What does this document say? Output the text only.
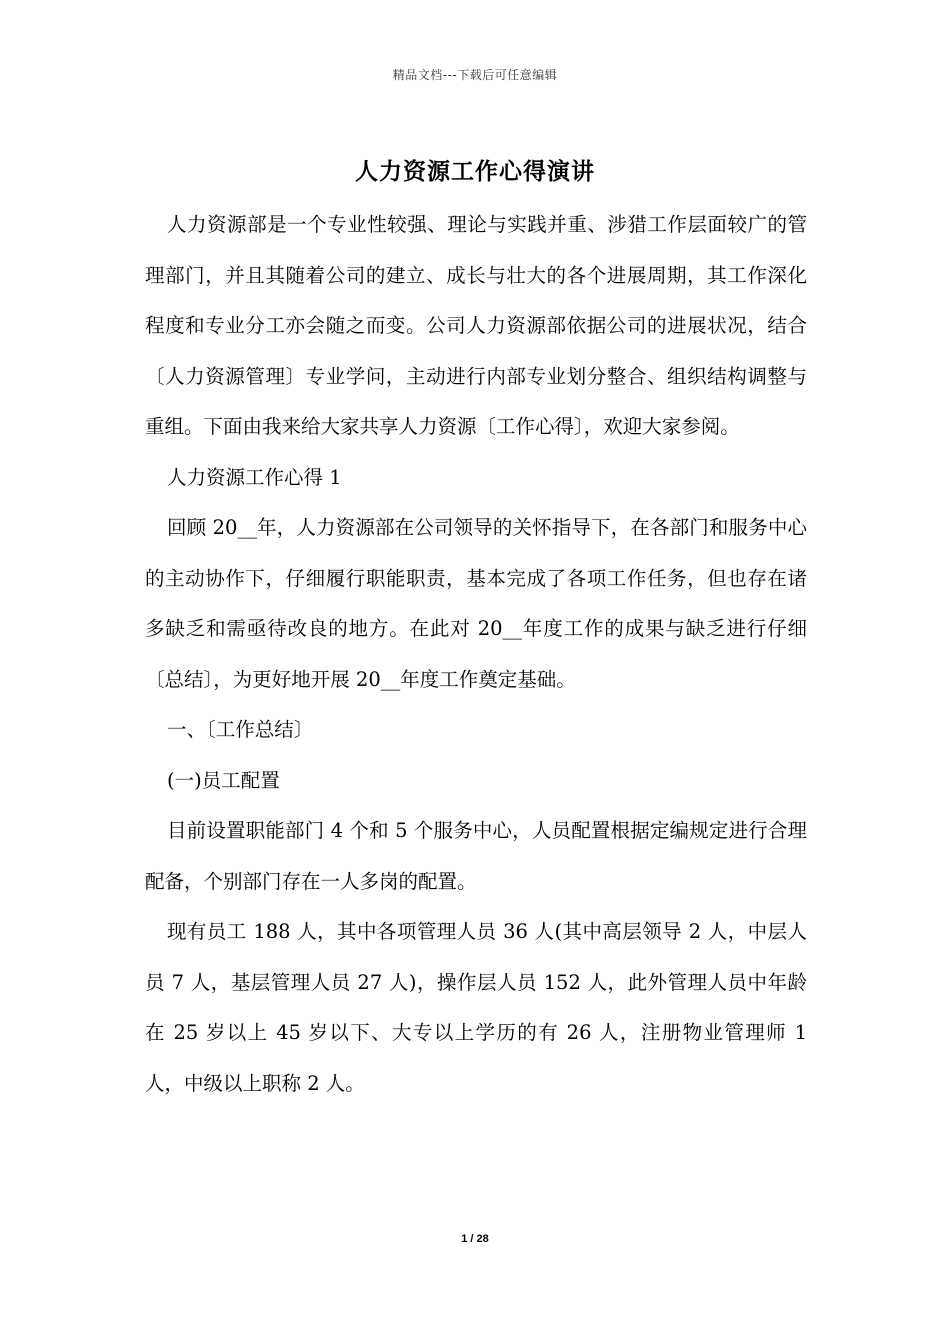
精品文档---下载后可任意编辑
人力资源工作心得演讲

人力资源部是一个专业性较强、理论与实践并重、涉猎工作层面较广的管理部门，并且其随着公司的建立、成长与壮大的各个进展周期，其工作深化程度和专业分工亦会随之而变。公司人力资源部依据公司的进展状况，结合〔人力资源管理〕专业学问，主动进行内部专业划分整合、组织结构调整与重组。下面由我来给大家共享人力资源〔工作心得〕，欢迎大家参阅。

人力资源工作心得 1

回顾 20__年，人力资源部在公司领导的关怀指导下，在各部门和服务中心的主动协作下，仔细履行职能职责，基本完成了各项工作任务，但也存在诸多缺乏和需亟待改良的地方。在此对 20__年度工作的成果与缺乏进行仔细〔总结〕，为更好地开展 20__年度工作奠定基础。

一、〔工作总结〕

(一)员工配置

目前设置职能部门 4 个和 5 个服务中心，人员配置根据定编规定进行合理配备，个别部门存在一人多岗的配置。

现有员工 188 人，其中各项管理人员 36 人(其中高层领导 2 人，中层人员 7 人，基层管理人员 27 人)，操作层人员 152 人，此外管理人员中年龄在 25 岁以上 45 岁以下、大专以上学历的有 26 人，注册物业管理师 1 人，中级以上职称 2 人。

1 / 28
